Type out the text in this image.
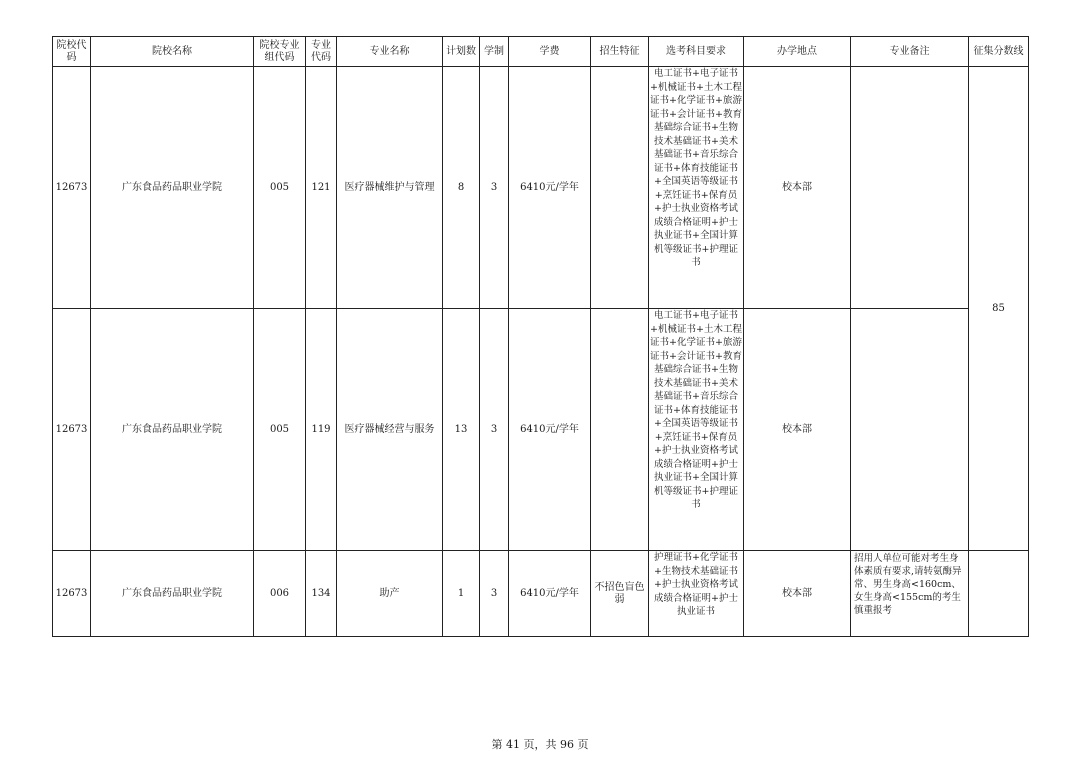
院校代码	院校名称	院校专业组代码	专业代码	专业名称	计划数	学制	学费	招生特征	选考科目要求	办学地点	专业备注	征集分数线
12673	广东食品药品职业学院	005	121	医疗器械维护与管理	8	3	6410元/学年		电工证书+电子证书+机械证书+土木工程证书+化学证书+旅游证书+会计证书+教育基础综合证书+生物技术基础证书+美术基础证书+音乐综合证书+体育技能证书+全国英语等级证书+烹饪证书+保育员+护士执业资格考试成绩合格证明+护士执业证书+全国计算机等级证书+护理证书	校本部		85
12673	广东食品药品职业学院	005	119	医疗器械经营与服务	13	3	6410元/学年		电工证书+电子证书+机械证书+土木工程证书+化学证书+旅游证书+会计证书+教育基础综合证书+生物技术基础证书+美术基础证书+音乐综合证书+体育技能证书+全国英语等级证书+烹饪证书+保育员+护士执业资格考试成绩合格证明+护士执业证书+全国计算机等级证书+护理证书	校本部		
12673	广东食品药品职业学院	006	134	助产	1	3	6410元/学年	不招色盲色弱	护理证书+化学证书+生物技术基础证书+护士执业资格考试成绩合格证明+护士执业证书	校本部	招用人单位可能对考生身体素质有要求,请转氨酶异常、男生身高<160cm、女生身高<155cm的考生慎重报考	
第 41 页，共 96 页
